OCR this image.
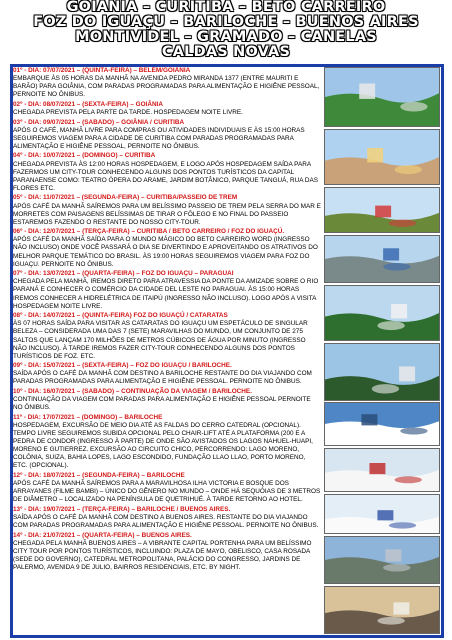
GOIANIA – CURITIBA – BETO CARREIRO
FOZ DO IGUAÇU – BARILOCHE – BUENOS AIRES
MONTIVIDEL – GRAMADO – CANELAS
CALDAS NOVAS
01º - DIA: 07/07/2021 – (QUINTA-FEIRA) – BELÉM/GOIÂNIA
EMBARQUE ÀS 05 HORAS DA MANHÃ NA AVENIDA PEDRO MIRANDA 1377 (ENTRE MAURITI E BARÃO) PARA GOIÂNIA, COM PARADAS PROGRAMADAS PARA ALIMENTAÇÃO E HIGIÊNE PESSOAL, PERNOITE NO ÔNIBUS.
02º - DIA: 08/07/2021 – (SEXTA-FEIRA) – GOIÂNIA
CHEGADA PREVISTA PELA PARTE DA TARDE. HOSPEDAGEM NOITE LIVRE.
03º - DIA: 09/07/2021 – (SABADO) – GOIÂNIA / CURITIBA
APÓS O CAFÉ, MANHÃ LIVRE PARA COMPRAS OU ATIVIDADES INDIVIDUAIS E ÀS 15:00 HORAS SEGUIREMOS VIAGEM PARA A CIDADE DE CURITIBA COM PARADAS PROGRAMADAS PARA ALIMENTAÇÃO E HIGIÊNE PESSOAL, PERNOITE NO ÔNIBUS.
04º - DIA: 10/07/2021 – (DOMINGO) – CURITIBA
CHEGADA PREVISTA ÀS 12:00 HORAS HOSPEDAGEM, E LOGO APÓS HOSPEDAGEM SAÍDA PARA FAZERMOS UM CITY-TOUR CONHECENDO ALGUNS DOS PONTOS TURÍSTICOS DA CAPITAL PARANAENSE COMO: TEATRO ÓPERA DO ARAME, JARDIM BOTÂNICO, PARQUE TANGUÁ, RUA DAS FLORES ETC.
05º - DIA: 11/07/2021 – (SEGUNDA-FEIRA) – CURITIBA/PASSEIO DE TREM
APÓS CAFÉ DA MANHÃ SAÍREMOS PARA UM BELÍSSIMO PASSEIO DE TREM PELA SERRA DO MAR E MORRETES COM PAISAGENS BELÍSSIMAS DE TIRAR O FÔLEGO E NO FINAL DO PASSEIO ESTAREMOS FAZENDO O RESTANTE DO NOSSO CITY-TOUR.
06º - DIA: 12/07/2021 – (TERÇA-FEIRA) – CURITIBA / BETO CARREIRO / FOZ DO IGUAÇÚ.
APÓS CAFÉ DA MANHÃ SAÍDA PARA O MUNDO MÁGICO DO BETO CARREIRO WORD (INGRESSO NÃO INCLUSO) ONDE VOCÊ PASSARÁ O DIA SE DIVERTINDO E APROVEITANDO OS ATRATIVOS DO MELHOR PARQUE TEMÁTICO DO BRASIL. ÀS 19:00 HORAS SEGUIREMOS VIAGEM PARA FOZ DO IGUAÇU. PERNOITE NO ÔNIBUS.
07º - DIA: 13/07/2021 – (QUARTA-FEIRA) – FOZ DO IGUAÇU – PARAGUAI
CHEGADA PELA MANHÃ, IREMOS DIRETO PARA ATRAVESSIA DA PONTE DA AMIZADE SOBRE O RIO PARANÁ E CONHECER O COMÉRCIO DA CIDADE DEL LESTE NO PARAGUAI. ÀS 15:00 HORAS IREMOS CONHECER A HIDRELÉTRICA DE ITAIPÚ (INGRESSO NÃO INCLUSO). LOGO APÓS A VISITA HOSPEDAGEM NOITE LIVRE.
08º - DIA: 14/07/2021 – (QUINTA-FEIRA) FOZ DO IGUAÇÚ / CATARATAS
ÀS 07 HORAS SAÍDA PARA VISITAR AS CATARATAS DO IGUAÇU UM ESPETÁCULO DE SINGULAR BELEZA – CONSIDERADA UMA DAS 7 (SETE) MARAVILHAS DO MUNDO, UM CONJUNTO DE 275 SALTOS QUE LANÇAM 170 MILHÕES DE METROS CÚBICOS DE ÁGUA POR MINUTO (INGRESSO NÃO INCLUSO). À TARDE IREMOS FAZER CITY-TOUR CONHECENDO ALGUNS DOS PONTOS TURÍSTICOS DE FOZ. ETC.
09º - DIA: 15/07/2021 – (SEXTA-FEIRA) – FOZ DO IGUAÇU / BARILOCHE.
SAÍDA APÓS O CAFÉ DA MANHÃ COM DESTINO A BARILOCHE RESTANTE DO DIA VIAJANDO COM PARADAS PROGRAMADAS PARA ALIMENTAÇÃO E HIGIÊNE PESSOAL. PERNOITE NO ÔNIBUS.
10º - DIA: 16/07/2021 – (SABADO) – CONTINUAÇÃO DA VIAGEM / BARILOCHE.
CONTINUAÇÃO DA VIAGEM COM PARADAS PARA ALIMENTAÇÃO E HIGIÊNE PESSOAL PERNOITE NO ÔNIBUS.
11º - DIA: 17/07/2021 – (DOMINGO) – BARILOCHE
HOSPEDAGEM, EXCURSÃO DE MEIO DIA ATÉ AS FALDAS DO CERRO CATEDRAL (OPCIONAL). TEMPO LIVRE SEGUIREMOS SUBIDA OPCIONAL PELO CHAIR-LIFT ATÉ A PLATAFORMA (200 E A PEDRA DE CONDOR (INGRESSO À PARTE) DE ONDE SÃO AVISTADOS OS LAGOS NAHUEL-HUAPI, MORENO E GUTIERREZ. EXCURSÃO AO CIRCUITO CHICO, PERCORRENDO: LAGO MORENO, COLÔNIA, SUIZA, BAHIA LOPES, LAGO ESCONDIDO, FUNDAÇÃO LLAO LLAO, PORTO MORENO, ETC. (OPCIONAL).
12º - DIA: 18/07/2021 – (SEGUNDA-FEIRA) – BARILOCHE
APÓS CAFÉ DA MANHÃ SAÍREMOS PARA A MARAVILHOSA ILHA VICTORIA E BOSQUE DOS ARRAYANES (FILME BAMBI) – ÚNICO DO GÊNERO NO MUNDO – ONDE HÁ SEQUÓIAS DE 3 METROS DE DIÂMETRO – LOCALIZADO NA PENÍNSULA DE QUETRIHUÉ. À TARDE RETORNO AO HOTEL.
13º - DIA: 19/07/2021 – (TERÇA-FEIRA) – BARILOCHE / BUENOS AIRES.
SAÍDA APÓS O CAFÉ DA MANHÃ COM DESTINO A BUENOS AIRES. RESTANTE DO DIA VIAJANDO COM PARADAS PROGRAMADAS PARA ALIMENTAÇÃO E HIGIÊNE PESSOAL. PERNOITE NO ÔNIBUS.
14º - DIA: 21/07/2021 – (QUARTA-FEIRA) – BUENOS AIRES.
CHEGADA PELA MANHÃ BUENOS AIRES – A VIBRANTE CAPITAL PORTENHA PARA UM BELÍSSIMO CITY TOUR POR PONTOS TURÍSTICOS, INCLUINDO: PLAZA DE MAYO, OBELISCO, CASA ROSADA (SEDE DO GOVERNO), CATEDRAL METROPOLITANA, PALÁCIO DO CONGRESSO, JARDINS DE PALERMO, AVENIDA 9 DE JULIO, BAIRROS RESIDENCIAIS, ETC. BY NIGHT.
